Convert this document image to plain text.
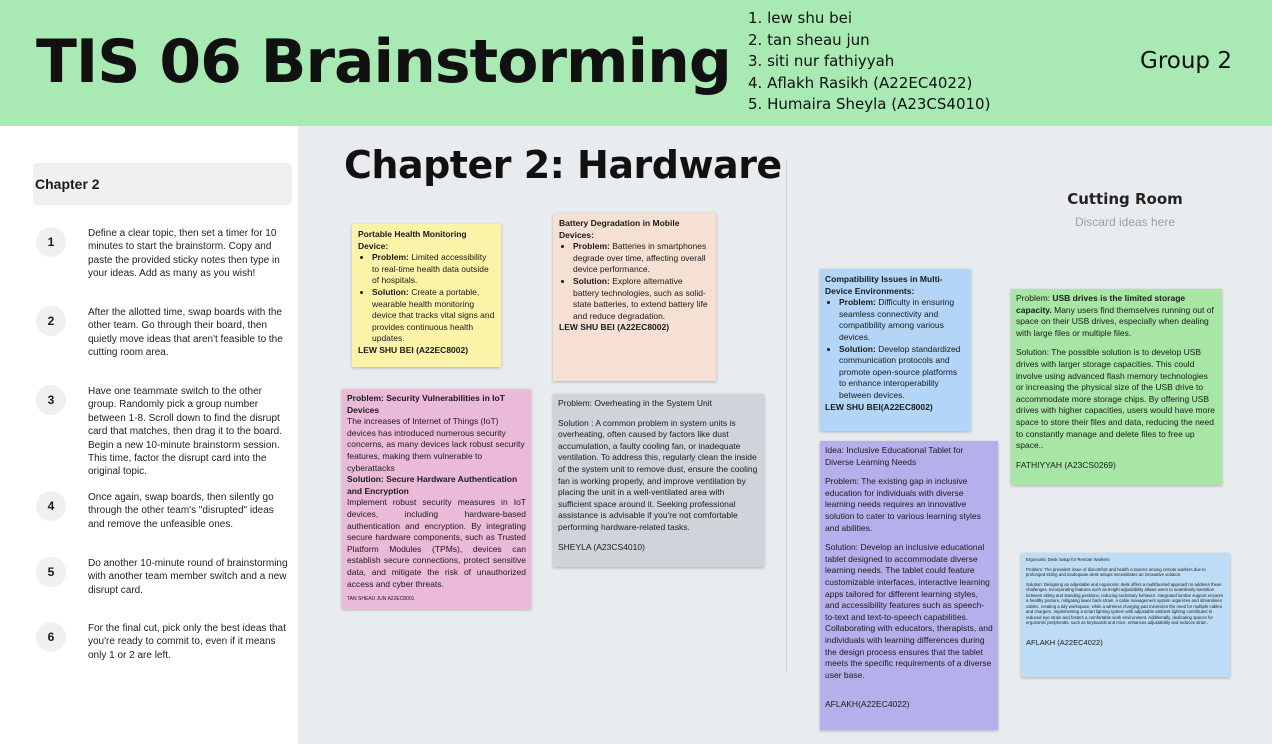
TIS 06 Brainstorming
1. lew shu bei
2. tan sheau jun
3. siti nur fathiyyah
4. Aflakh Rasikh (A22EC4022)
5. Humaira Sheyla (A23CS4010)
Group 2
Chapter 2
1
Define a clear topic, then set a timer for 10 minutes to start the brainstorm. Copy and paste the provided sticky notes then type in your ideas. Add as many as you wish!
2
After the allotted time, swap boards with the other team. Go through their board, then quietly move ideas that aren't feasible to the cutting room area.
3
Have one teammate switch to the other group. Randomly pick a group number between 1-8. Scroll down to find the disrupt card that matches, then drag it to the board. Begin a new 10-minute brainstorm session. This time, factor the disrupt card into the original topic.
4
Once again, swap boards, then silently go through the other team's "disrupted" ideas and remove the unfeasible ones.
5
Do another 10-minute round of brainstorming with another team member switch and a new disrupt card.
6
For the final cut, pick only the best ideas that you're ready to commit to, even if it means only 1 or 2 are left.
Chapter 2: Hardware
Cutting Room
Discard ideas here

Portable Health Monitoring Device:

• Problem: Limited accessibility to real-time health data outside of hospitals.
• Solution: Create a portable, wearable health monitoring device that tracks vital signs and provides continuous health updates.

LEW SHU BEI (A22EC8002)

Battery Degradation in Mobile Devices:

• Problem: Batteries in smartphones degrade over time, affecting overall device performance.
• Solution: Explore alternative battery technologies, such as solid-state batteries, to extend battery life and reduce degradation.

LEW SHU BEI (A22EC8002)

Problem: Security Vulnerabilities in IoT Devices

The increases of Internet of Things (IoT) devices has introduced numerous security concerns, as many devices lack robust security features, making them vulnerable to cyberattacks

Solution: Secure Hardware Authentication and Encryption

Implement robust security measures in IoT devices, including hardware-based authentication and encryption. By integrating secure hardware components, such as Trusted Platform Modules (TPMs), devices can establish secure connections, protect sensitive data, and mitigate the risk of unauthorized access and cyber threats.

TAN SHEAU JUN A22EC8001

Problem: Overheating in the System Unit

Solution : A common problem in system units is overheating, often caused by factors like dust accumulation, a faulty cooling fan, or inadequate ventilation. To address this, regularly clean the inside of the system unit to remove dust, ensure the cooling fan is working properly, and improve ventilation by placing the unit in a well-ventilated area with sufficient space around it. Seeking professional assistance is advisable if you're not comfortable performing hardware-related tasks.

SHEYLA (A23CS4010)

Compatibility Issues in Multi-Device Environments:

• Problem: Difficulty in ensuring seamless connectivity and compatibility among various devices.
• Solution: Develop standardized communication protocols and promote open-source platforms to enhance interoperability between devices.

LEW SHU BEI(A22EC8002)

Idea: Inclusive Educational Tablet for Diverse Learning Needs

Problem: The existing gap in inclusive education for individuals with diverse learning needs requires an innovative solution to cater to various learning styles and abilities.

Solution: Develop an inclusive educational tablet designed to accommodate diverse learning needs. The tablet could feature customizable interfaces, interactive learning apps tailored for different learning styles, and accessibility features such as speech-to-text and text-to-speech capabilities. Collaborating with educators, therapists, and individuals with learning differences during the design process ensures that the tablet meets the specific requirements of a diverse user base.

AFLAKH(A22EC4022)

Problem: USB drives is the limited storage capacity. Many users find themselves running out of space on their USB drives, especially when dealing with large files or multiple files.

Solution: The possible solution is to develop USB drives with larger storage capacities. This could involve using advanced flash memory technologies or increasing the physical size of the USB drive to accommodate more storage chips. By offering USB drives with higher capacities, users would have more space to store their files and data, reducing the need to constantly manage and delete files to free up space..

FATHIYYAH (A23CS0269)

Ergonomic Desk Setup for Remote Workers

Problem: The prevalent issue of discomfort and health concerns among remote workers due to prolonged sitting and inadequate desk setups necessitates an innovative solution.

Solution: Designing an adjustable and ergonomic desk offers a multifaceted approach to address these challenges. Incorporating features such as height adjustability allows users to seamlessly transition between sitting and standing positions, reducing sedentary behavior. Integrated lumbar support ensures a healthy posture, mitigating lower back strain. A cable management system organizes and streamlines cables, creating a tidy workspace, while a wireless charging pad minimizes the need for multiple cables and chargers. Implementing a smart lighting system with adjustable ambient lighting contributes to reduced eye strain and fosters a comfortable work environment. Additionally, dedicating spaces for ergonomic peripherals, such as keyboards and mice, enhances adjustability and reduces strain.

AFLAKH (A22EC4022)
